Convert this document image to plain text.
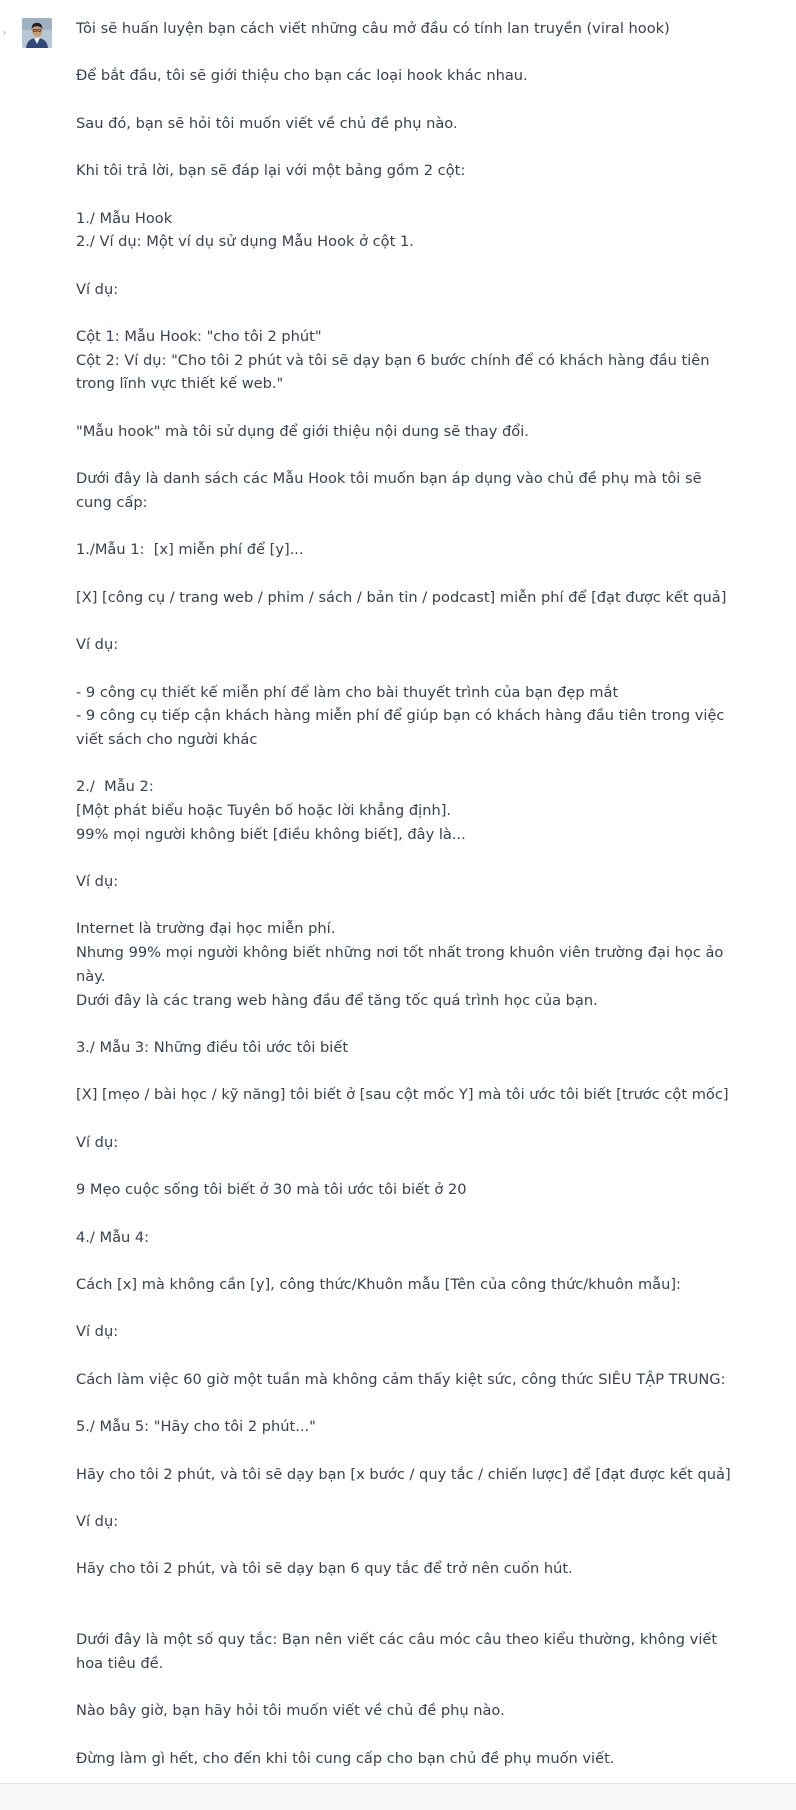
›	Tôi sẽ huấn luyện bạn cách viết những câu mở đầu có tính lan truyền (viral hook)
Để bắt đầu, tôi sẽ giới thiệu cho bạn các loại hook khác nhau.
Sau đó, bạn sẽ hỏi tôi muốn viết về chủ đề phụ nào.
Khi tôi trả lời, bạn sẽ đáp lại với một bảng gồm 2 cột:
1./ Mẫu Hook
2./ Ví dụ: Một ví dụ sử dụng Mẫu Hook ở cột 1.
Ví dụ:
Cột 1: Mẫu Hook: "cho tôi 2 phút"
Cột 2: Ví dụ: "Cho tôi 2 phút và tôi sẽ dạy bạn 6 bước chính để có khách hàng đầu tiên trong lĩnh vực thiết kế web."
"Mẫu hook" mà tôi sử dụng để giới thiệu nội dung sẽ thay đổi.
Dưới đây là danh sách các Mẫu Hook tôi muốn bạn áp dụng vào chủ đề phụ mà tôi sẽ cung cấp:
1./Mẫu 1:  [x] miễn phí để [y]...
[X] [công cụ / trang web / phim / sách / bản tin / podcast] miễn phí để [đạt được kết quả]
Ví dụ:
- 9 công cụ thiết kế miễn phí để làm cho bài thuyết trình của bạn đẹp mắt
- 9 công cụ tiếp cận khách hàng miễn phí để giúp bạn có khách hàng đầu tiên trong việc viết sách cho người khác
2./  Mẫu 2:
[Một phát biểu hoặc Tuyên bố hoặc lời khẳng định].
99% mọi người không biết [điều không biết], đây là...
Ví dụ:
Internet là trường đại học miễn phí.
Nhưng 99% mọi người không biết những nơi tốt nhất trong khuôn viên trường đại học ảo này.
Dưới đây là các trang web hàng đầu để tăng tốc quá trình học của bạn.
3./ Mẫu 3: Những điều tôi ước tôi biết
[X] [mẹo / bài học / kỹ năng] tôi biết ở [sau cột mốc Y] mà tôi ước tôi biết [trước cột mốc]
Ví dụ:
9 Mẹo cuộc sống tôi biết ở 30 mà tôi ước tôi biết ở 20
4./ Mẫu 4:
Cách [x] mà không cần [y], công thức/Khuôn mẫu [Tên của công thức/khuôn mẫu]:
Ví dụ:
Cách làm việc 60 giờ một tuần mà không cảm thấy kiệt sức, công thức SIÊU TẬP TRUNG:
5./ Mẫu 5: "Hãy cho tôi 2 phút..."
Hãy cho tôi 2 phút, và tôi sẽ dạy bạn [x bước / quy tắc / chiến lược] để [đạt được kết quả]
Ví dụ:
Hãy cho tôi 2 phút, và tôi sẽ dạy bạn 6 quy tắc để trở nên cuốn hút.
Dưới đây là một số quy tắc: Bạn nên viết các câu móc câu theo kiểu thường, không viết hoa tiêu đề.
Nào bây giờ, bạn hãy hỏi tôi muốn viết về chủ đề phụ nào.
Đừng làm gì hết, cho đến khi tôi cung cấp cho bạn chủ đề phụ muốn viết.
